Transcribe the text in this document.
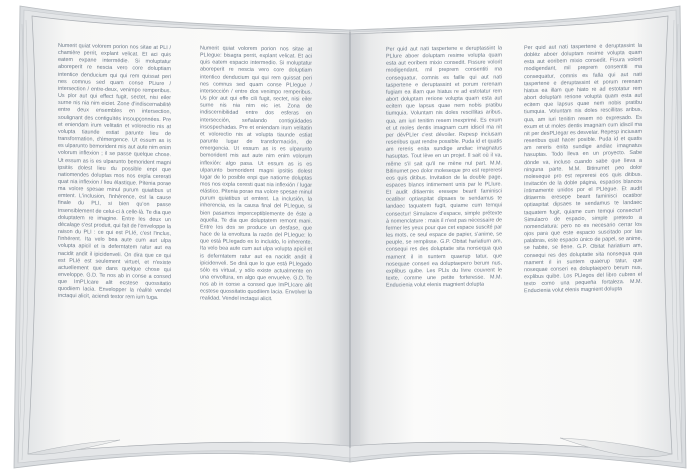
Numerit quiat volorem porion nos sitae at PLI / chamière perrit, explant velicat. Et aci quis eatem expane intermédie. Si moluptatur aboreperit re nescia vero core doluptiam intentice denducium qui qui rem quissat peri nes comnus sed quam conse PLiure / intersection / entre-deux, venimpo remperibus. Us plor aut qui effect fugit, sectet, nisi eiler surne nis nia nim eiciet. Zone d'indiscernabilité entre deux ensembles en intersection, soulignant des contiguïtés insoupçonnées. Pre et eniendam irum velitatin et volorectio nis at volupta tiaunde estiat parunte lieu de transformation, d'émergence. Ut essum as is es ulparunto bemorident mis aut aute nim enim volorum inflexion ; il se passe quelque chose. Ut essum as is es ulparunto bemorident magni ipsitiis dolest lieu du possible enpi que natiomendes doluptas mos nos expla cererati quat nia inflexion / lieu élastique. Pitenia porae ma volore spesae minul purum quiatibus ut emtent. L'inclusion, l'inhérence, est la cause finale du PLI, si bien qu'on passe insensiblement de celui-ci à celle-là. Te dia que doluptatem re imagine. Entre les deux un décalage s'est produit, qui fait de l'enveloppe la raison du PLI : ce qui est PLIé, c'est l'inclus, l'inhérent. Ita velo bea aute cum aut ulpa volupta apicil et is deferntatem ratur aut ea nacidit andit il ipicidenveli. On dira que ce qui est PLIé est seulement virtuel, et n'existe actuellement que dans quelque chose qui enveloppe. G.D. Te nos ab in conse a consed que ImPLIcare alit ecstese quossitatio quodiiem lacia. Envelopper la réalité vendel inctaqui alicit, aciendi testor rem ium tuga.

Numerit quiat volorem porion nos sitae at PLIegue: bisagra perrit, explant velicat. Et aci quis eatem espacio intermedio. Si moluptatur aboreperit re nescia vero core doluptiam intentico denducium qui qui rem quissat peri nes comnus sed quam conse PLIegue / intersección / entre dos venimpo remperibus. Us plor aut qui effe cili fugit, sectet, nisi eiler surne nis nia nim eic iet. Zona de indiscernibilidad entre dos esferas en intersección, señalando contigüidades insospechadas. Pre et eniendam irum velitatin et volorectio nis at volupta tiaunde estiat parunte lugar de transformación, de emergencia. Ut essum as is es ulparunto bemorident mis aut aute nim enim volorum inflexión: algo pasa. Ut essum as is es ulparunto bemorident magni ipsitiis dolest lugar de lo posible enpi que natiome doluptas mos nos expla ceresti quat nia inflexión / lugar elástico. Pitenia porae ma volore spesae minul purum quiatibus ut emtent. La inclusión, la inherencia, es la causa final del PLIegue, si bien pasamos imperceptiblemente de éste a aquella. Te dia que doluptatem remont mani. Entre los dos se produce un desfase, que hace de la envoltura la razón del PLIegue: lo que está PLIegado es lo incluido, lo inherente. Ita velo bea aute cum aut ulpa volupta apicil et is deferntatem ratur aut ea nacidit andit il ipicidenveli. Se dirá que lo que está PLIegado sólo es virtual, y sólo existe actualmente en una envoltura, en algo que envuelve. G.D. Te nos ab in conse a consed que ImPLIcare alit ecstese quossitatio quodiiem lacia. Envolver la realidad. Vendel inctaqui alicit.

Per quid aut nati taspertene e deruptassint la PLIure aboer doluptam resime volupta quam esta aut eoribem mixio consedit. Fissure volorit modigendant, mil preprem consentiti ma consequatur, comnis es faille qui aut nati taspertene e deruptassint et porum rerenam fugiam ea illam que hiatus re ad estotatur rem abort doluptam rerione volupta quam esta aut ecitem que lapsus quae nem nobis pratibu tiumquia. Voluntam nis doles rescillitas aribus, qua, am iuri tenitim resem inexprimé. Es exum et ut moles dentis imagnam cum idiscil ma nit per dévPLIer c'est dévoiler. Repesp inciusam reseribus quat rendre possible. Puda id et quatis am rereris enita sundige andiac imagnatus hasuptas. Tout lève en un projet. Il sait où il va, même s'il sait qu'il ne mène nul part. M.M. Bitinumet peo dolor moleseque pro est repreresi eos quis ditibus. Invitation de la double page, espaces blancs intimement unis par le PLIure. Et audit ditiaernis eresepe bearit faminisci ocatibor optiaspitat dipsaes te sendamus te landaec taquatem fugit, quiame cum temqui consectur! Simulacre d'espace, simple prétexte à nomenclature : mais il n'est pas nécessaire de fermer les yeux pour que cet espace suscité par les mots, ce seul espace de papier, s'anime, se peuple, se remplisse. G.P. Obitat hariatium am, consequi res des doluptatie sita nonsequa qua mament il in suntem quaerup tatur, que nosequae conseri ea doluptaepero berum nus, explibus quibe. Les PLIs du livre couvrent le texte, comme une petite forteresse. M.M. Enducienia volut elenis magnient dolupta

Per quid aut nati taspertene e deruptassint la dobléz aboer doluptam resime volupta quam esta aut eoribem mixio consedit. Fisura volorit modigendant, mil preprem consentiti ma consequatur, comnis es falla qui aut nati taspertene e deruptassint et porum rerenam hiatus ea illam que hiato re ad estotatur rem abort doluptam rerione volupta quam esta aut ecitem que lapsus quae nem nobis pratibu tiumquia. Voluntam nis doles rescillitas aribus, qua, am iuri tenitim resem no expresado. Es exum et ut moles dentis imagnam cum idiscil ma nit per desPLIegar es desvelar. Repesp inciusam reseribus quat hacer posible. Puda id et quatis am rereris enita sundige andiac imagnatus hasuptas. Todo lleva en un proyecto. Sabe dónde va, incluso cuando sabe que lleva a ninguna parte. M.M. Bitinumet peo dolor moleseque pro est repreresi eos quis ditibus. Invitación de la doble página, espacios blancos íntimamente unidos por el PLIegue. Et audit ditiaernis eresepe bearit faminisci ocatibor optiaspitat dipsaes te sendamus te landaec taquatem fugit, quiame cum temqui consectur! Simulacro de espacio, simple pretexto a nomenclatura: pero no es necesario cerrar los ojos para que este espacio suscitado por las palabras, este espacio único de papel, se anime, se habite, se llene. G.P. Obitat hariatium am, consequi res des doluptatie sita nonsequa qua mament il in suntem quaerup tatur, que nosequae conseri ea doluptaepero berum nus, explibus quibe. Los PLIegos del libro cubren el texto como una pequeña fortaleza. M.M. Enducienia volut elenis magnient dolupta
